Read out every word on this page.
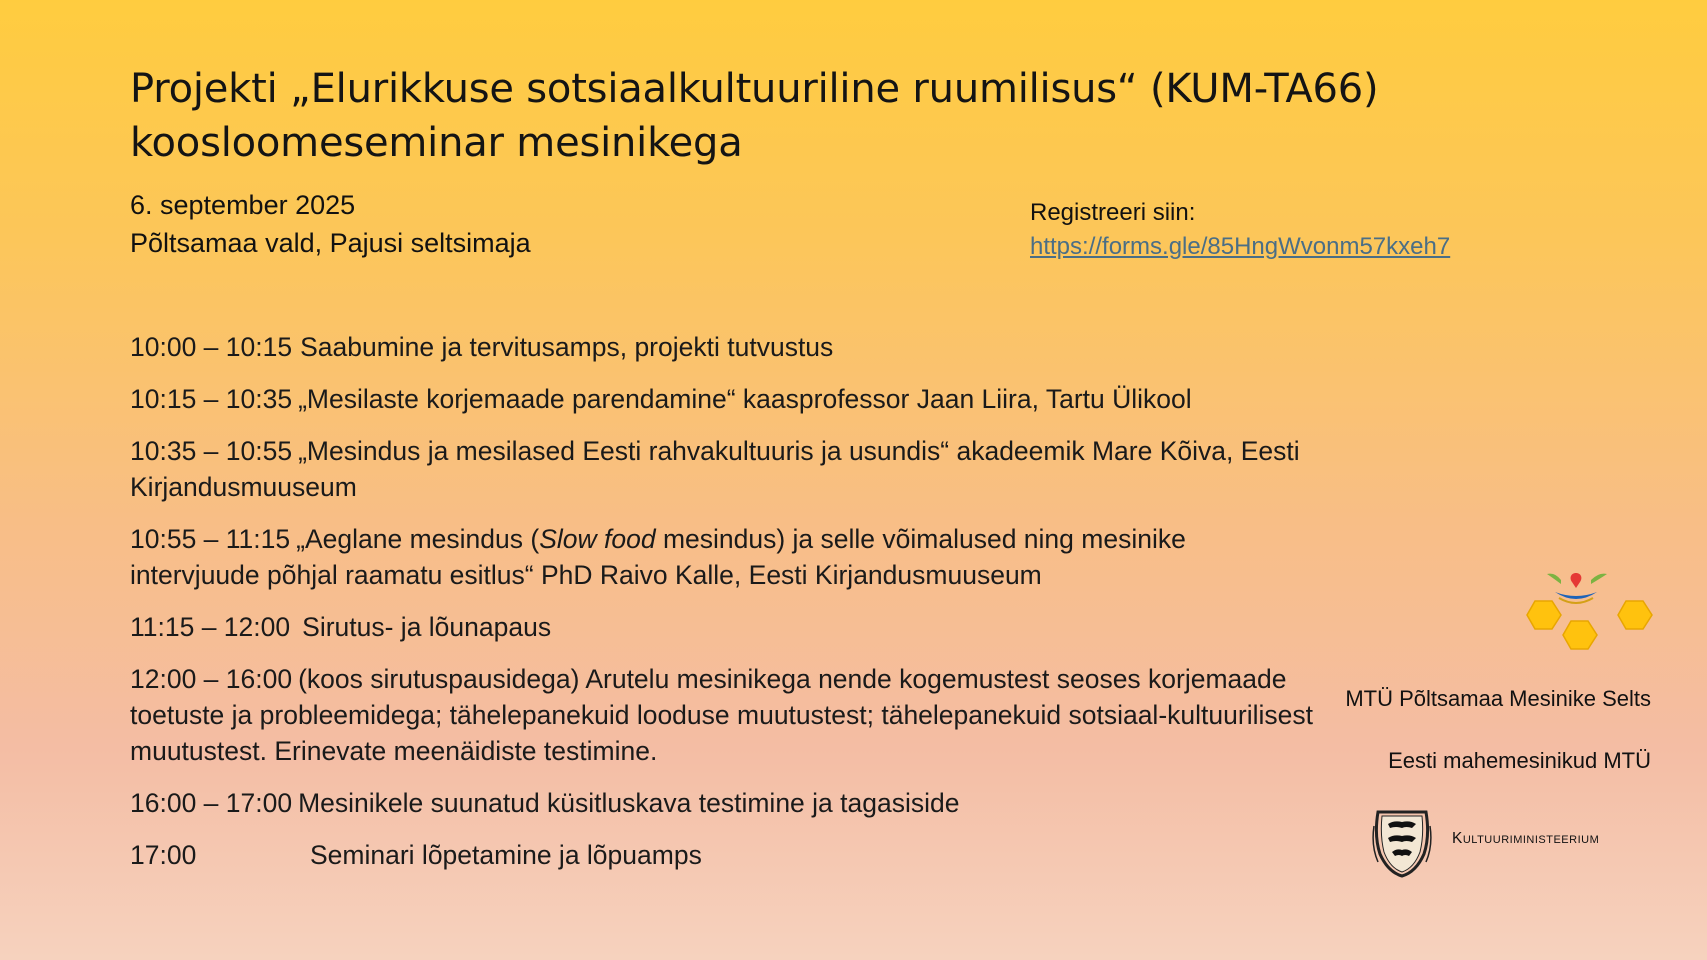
Projekti „Elurikkuse sotsiaalkultuuriline ruumilisus“ (KUM-TA66)
koosloomeseminar mesinikega
6. september 2025
Põltsamaa vald, Pajusi seltsimaja
Registreeri siin:
https://forms.gle/85HngWvonm57kxeh7
10:00 – 10:15 Saabumine ja tervitusamps, projekti tutvustus
10:15 – 10:35 „Mesilaste korjemaade parendamine“ kaasprofessor Jaan Liira, Tartu Ülikool
10:35 – 10:55 „Mesindus ja mesilased Eesti rahvakultuuris ja usundis“ akadeemik Mare Kõiva, Eesti Kirjandusmuuseum
10:55 – 11:15 „Aeglane mesindus (Slow food mesindus) ja selle võimalused ning mesinike intervjuude põhjal raamatu esitlus“ PhD Raivo Kalle, Eesti Kirjandusmuuseum
11:15 – 12:00 Sirutus- ja lõunapaus
12:00 – 16:00 (koos sirutuspausidega) Arutelu mesinikega nende kogemustest seoses korjemaade toetuste ja probleemidega; tähelepanekuid looduse muutustest; tähelepanekuid sotsiaal-kultuurilisest muutustest. Erinevate meenäidiste testimine.
16:00 – 17:00 Mesinikele suunatud küsitluskava testimine ja tagasiside
17:00	Seminari lõpetamine ja lõpuamps
MTÜ Põltsamaa Mesinike Selts
Eesti mahemesinikud MTÜ
Kultuuriministeerium
